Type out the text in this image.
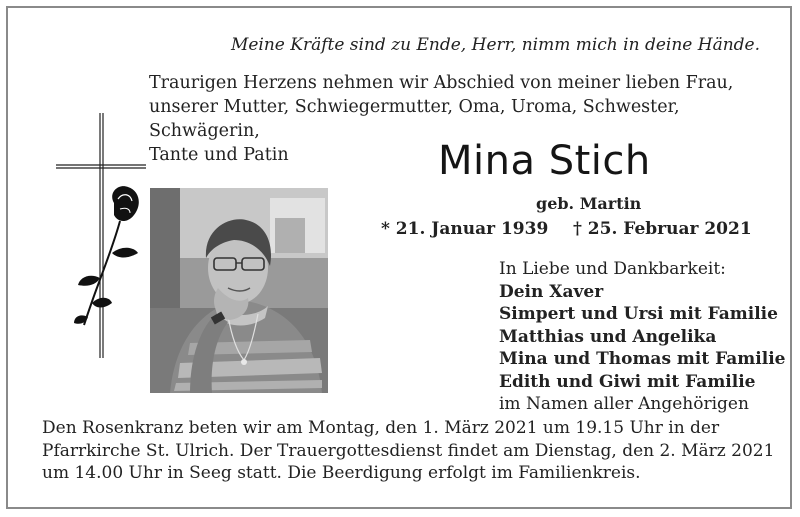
Meine Kräfte sind zu Ende, Herr, nimm mich in deine Hände.
Traurigen Herzens nehmen wir Abschied von meiner lieben Frau,
unserer Mutter, Schwiegermutter, Oma, Uroma, Schwester, Schwägerin,
Tante und Patin	Mina Stich
geb. Martin
* 21. Januar 1939 † 25. Februar 2021
In Liebe und Dankbarkeit:
Dein Xaver
Simpert und Ursi mit Familie
Matthias und Angelika
Mina und Thomas mit Familie
Edith und Giwi mit Familie
im Namen aller Angehörigen
Den Rosenkranz beten wir am Montag, den 1. März 2021 um 19.15 Uhr in der
Pfarrkirche St. Ulrich. Der Trauergottesdienst findet am Dienstag, den 2. März 2021
um 14.00 Uhr in Seeg statt. Die Beerdigung erfolgt im Familienkreis.
